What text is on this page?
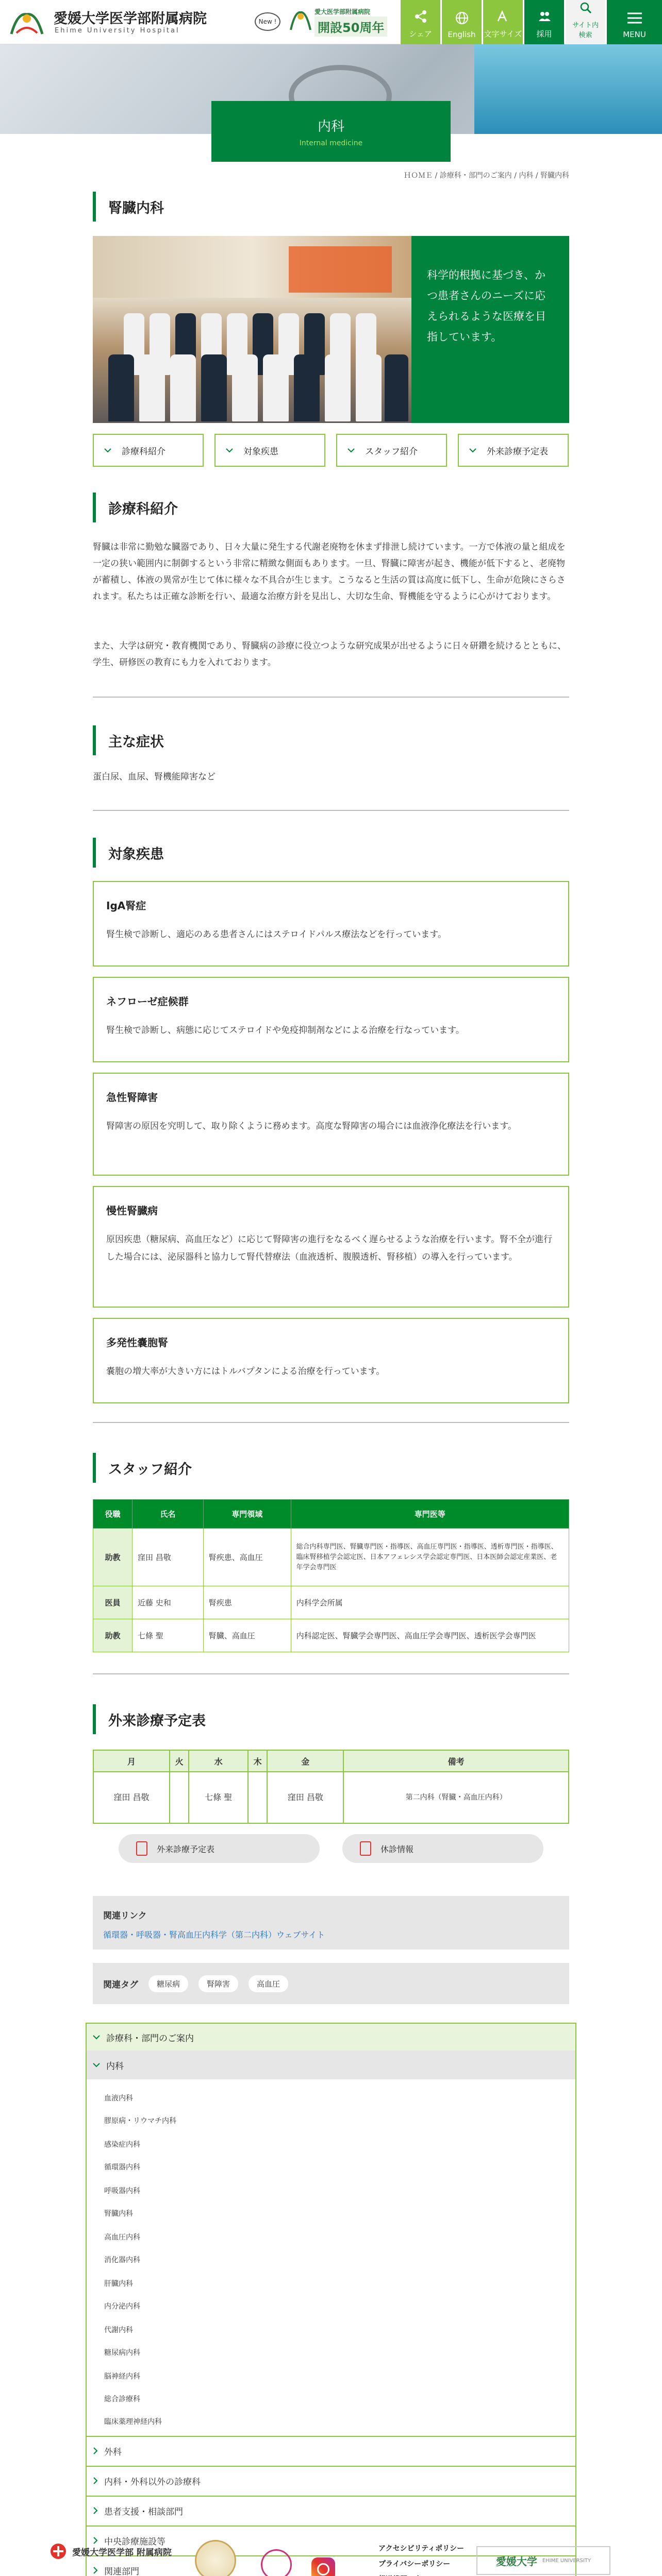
愛媛大学医学部附属病院
Ehime University Hospital
New !
愛大医学部附属病院
開設50周年	シェア English 文字サイズ 採用
サイト内検索	MENU
内科
Internal medicine
ＨＯＭＥ / 診療科・部門のご案内 / 内科 / 腎臓内科
腎臓内科
科学的根拠に基づき、かつ患者さんのニーズに応えられるような医療を目指しています。
診療科紹介	対象疾患	スタッフ紹介	外来診療予定表
診療科紹介
腎臓は非常に勤勉な臓器であり、日々大量に発生する代謝老廃物を休まず排泄し続けています。一方で体液の量と組成を一定の狭い範囲内に制御するという非常に精緻な側面もあります。一旦、腎臓に障害が起き、機能が低下すると、老廃物が蓄積し、体液の異常が生じて体に様々な不具合が生じます。こうなると生活の質は高度に低下し、生命が危険にさらされます。私たちは正確な診断を行い、最適な治療方針を見出し、大切な生命、腎機能を守るように心がけております。
また、大学は研究・教育機関であり、腎臓病の診療に役立つような研究成果が出せるように日々研鑽を続けるとともに、学生、研修医の教育にも力を入れております。
主な症状
蛋白尿、血尿、腎機能障害など
対象疾患
IgA腎症

腎生検で診断し、適応のある患者さんにはステロイドパルス療法などを行っています。

ネフローゼ症候群

腎生検で診断し、病態に応じてステロイドや免疫抑制剤などによる治療を行なっています。

急性腎障害

腎障害の原因を究明して、取り除くように務めます。高度な腎障害の場合には血液浄化療法を行います。

慢性腎臓病

原因疾患（糖尿病、高血圧など）に応じて腎障害の進行をなるべく遅らせるような治療を行います。腎不全が進行した場合には、泌尿器科と協力して腎代替療法（血液透析、腹膜透析、腎移植）の導入を行っています。

多発性嚢胞腎

嚢胞の増大率が大きい方にはトルバプタンによる治療を行っています。

スタッフ紹介
役職	氏名	専門領域	専門医等
助教	窪田 昌敬	腎疾患、高血圧	総合内科専門医、腎臓専門医・指導医、高血圧専門医・指導医、透析専門医・指導医、臨床腎移植学会認定医、日本アフェレシス学会認定専門医、日本医師会認定産業医、老年学会専門医
医員	近藤 史和	腎疾患	内科学会所属
助教	七條 聖	腎臓、高血圧	内科認定医、腎臓学会専門医、高血圧学会専門医、透析医学会専門医
外来診療予定表
月	火	水	木	金	備考
窪田 昌敬		七條 聖		窪田 昌敬	第二内科（腎臓・高血圧内科）
外来診療予定表	休診情報
関連リンク
循環器・呼吸器・腎高血圧内科学（第二内科）ウェブサイト
関連タグ	糖尿病	腎障害	高血圧
診療科・部門のご案内
内科
血液内科
膠原病・リウマチ内科
感染症内科
循環器内科
呼吸器内科
腎臓内科
高血圧内科
消化器内科
肝臓内科
内分泌内科
代謝内科
糖尿病内科
脳神経内科
総合診療科
臨床薬理神経内科
外科
内科・外科以外の診療科
患者支援・相談部門
中央診療施設等
関連部門
愛媛大学医学部 附属病院	アクセシビリティポリシー
プライバシーポリシー	愛媛大学 EHIME UNIVERSITY
